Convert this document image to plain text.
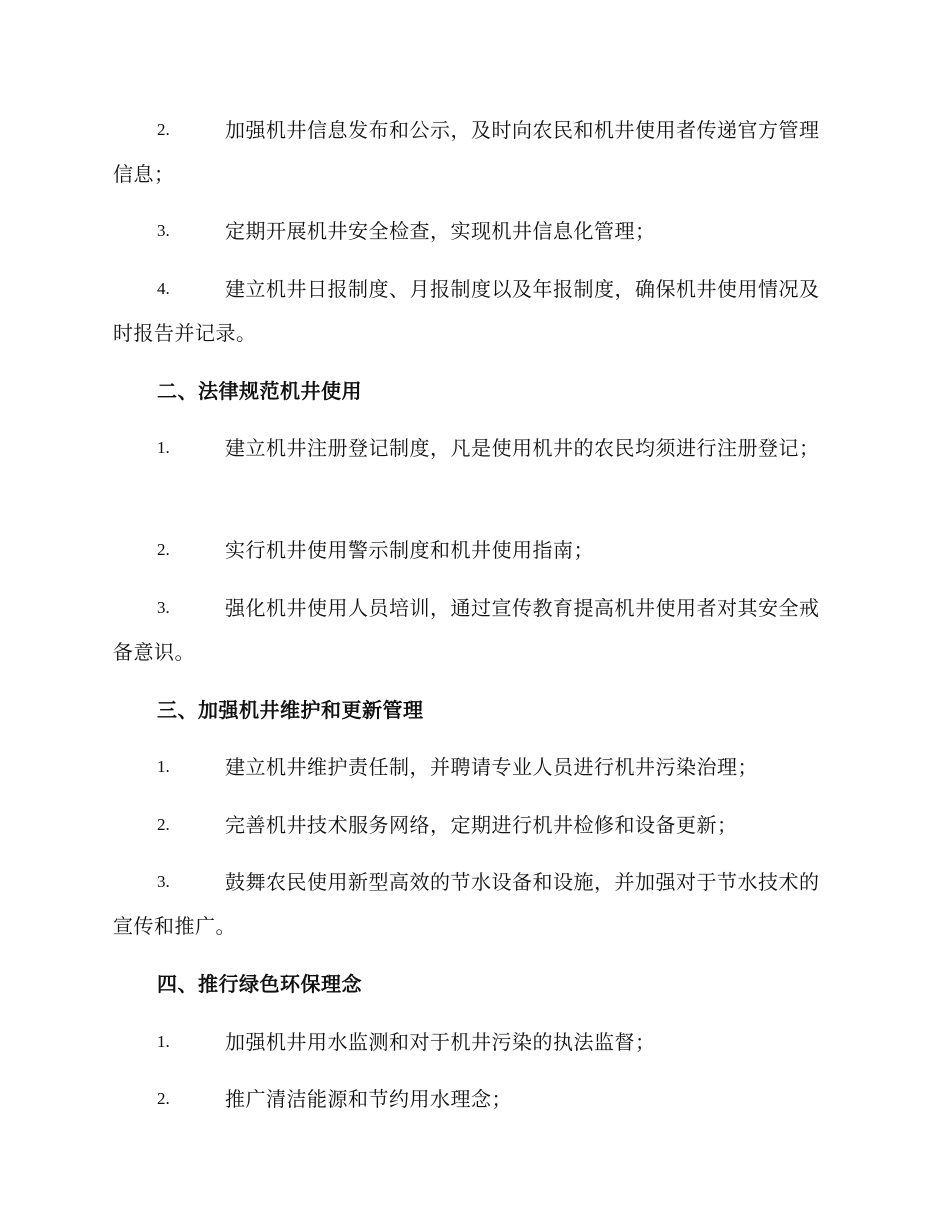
2.	加强机井信息发布和公示，及时向农民和机井使用者传递官方管理信息；
3.	定期开展机井安全检查，实现机井信息化管理；
4.	建立机井日报制度、月报制度以及年报制度，确保机井使用情况及时报告并记录。
二、法律规范机井使用
1.	建立机井注册登记制度，凡是使用机井的农民均须进行注册登记；
2.	实行机井使用警示制度和机井使用指南；
3.	强化机井使用人员培训，通过宣传教育提高机井使用者对其安全戒备意识。
三、加强机井维护和更新管理
1.	建立机井维护责任制，并聘请专业人员进行机井污染治理；
2.	完善机井技术服务网络，定期进行机井检修和设备更新；
3.	鼓舞农民使用新型高效的节水设备和设施，并加强对于节水技术的宣传和推广。
四、推行绿色环保理念
1.	加强机井用水监测和对于机井污染的执法监督；
2.	推广清洁能源和节约用水理念；
